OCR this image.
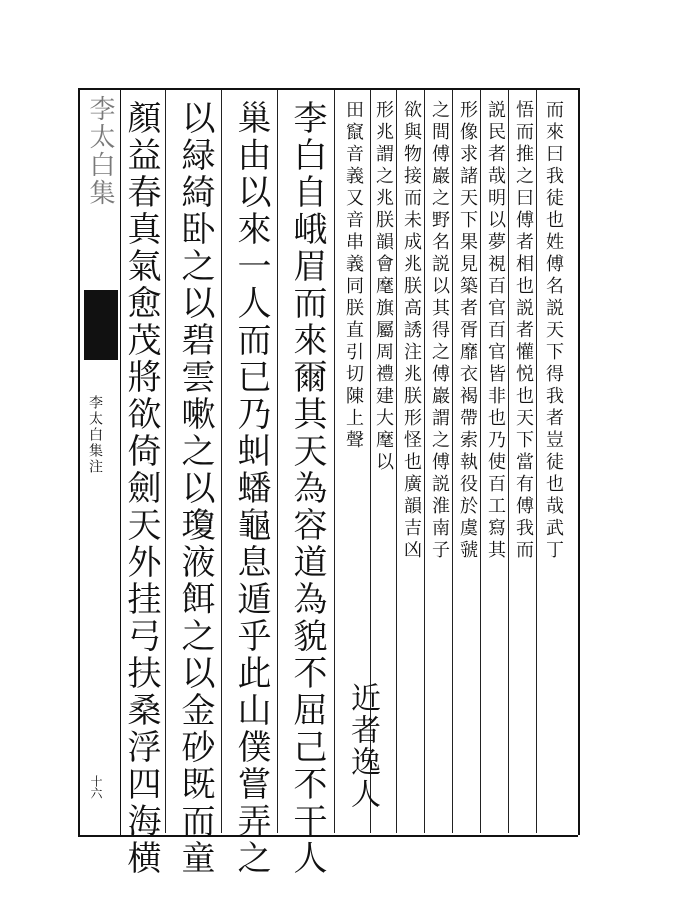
李太白集
李太白集注
十六 顏益春真氣愈茂將欲倚劍天外挂弓扶桑浮四海横 以緑綺卧之以碧雲嗽之以瓊液餌之以金砂既而童 巢由以來一人而已乃虯蟠龜息遁乎此山僕嘗弄之 李白自峨眉而來爾其天為容道為貌不屈己不干人 田竄音義又音串義同朕直引切陳上聲
近者逸人
形兆謂之兆朕韻會麾旗屬周禮建大麾以 欲與物接而未成兆朕高誘注兆朕形怪也廣韻吉凶 之間傅巖之野名説以其得之傅巖謂之傅説淮南子 形像求諸天下果見築者胥靡衣褐帶索執役於虞虢 説民者哉明以夢視百官百官皆非也乃使百工寫其 悟而推之曰傅者相也説者懽悦也天下當有傅我而 而來曰我徒也姓傅名説天下得我者豈徒也哉武丁
